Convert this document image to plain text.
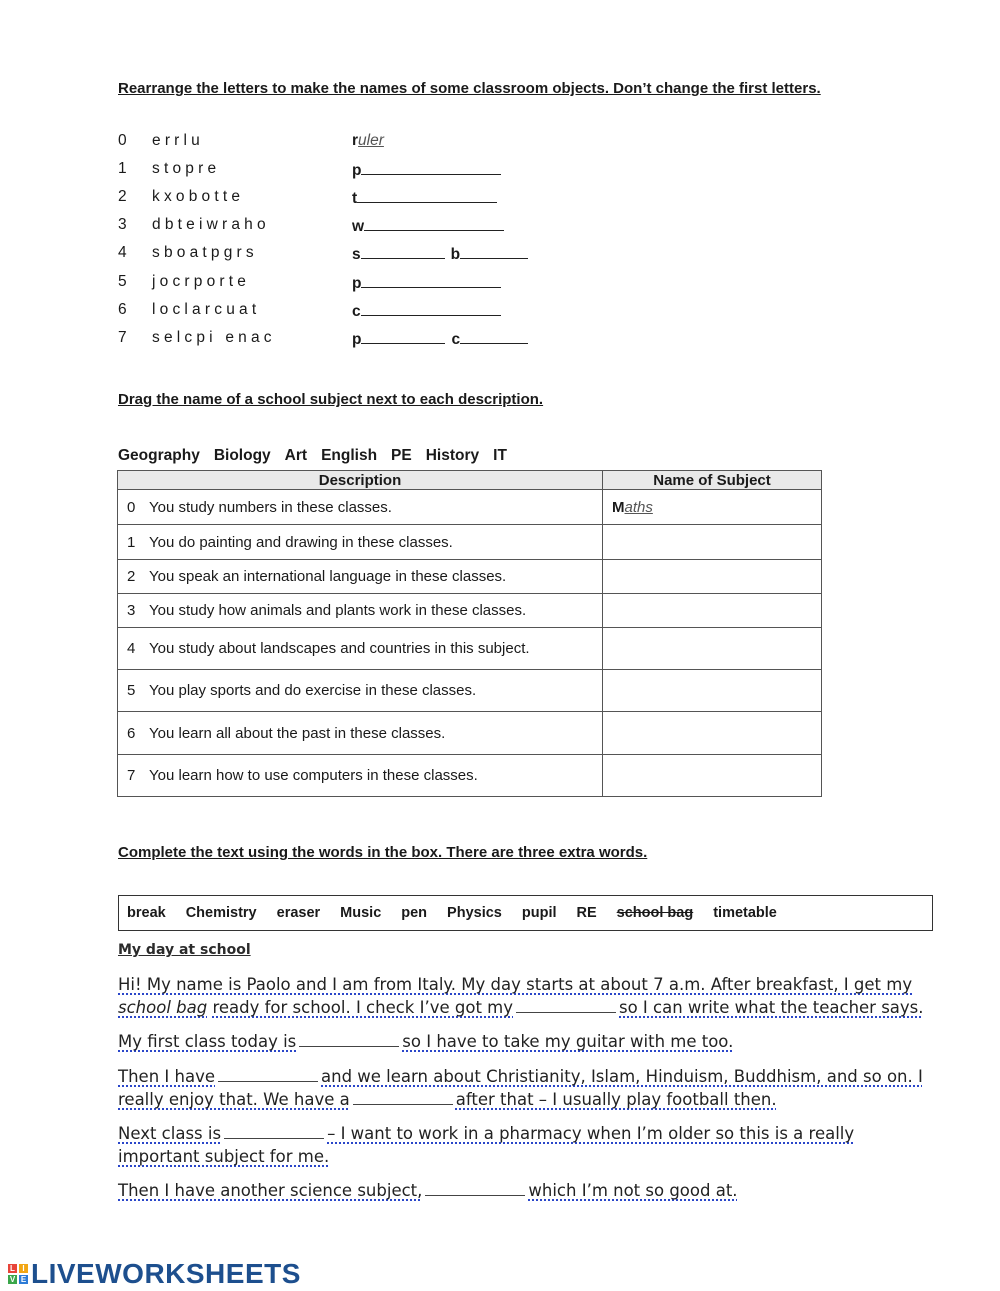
Rearrange the letters to make the names of some classroom objects. Don’t change the first letters.
0 errlu	ruler
1 stopre	p
2 kxobotte	t
3 dbteiwraho	w
4 sboatpgrs	s	b
5 jocrporte	p
6 loclarcuat	c
7 selcpi enac	p	c
Drag the name of a school subject next to each description.
Geography Biology Art English PE History IT
Description	Name of Subject
0 You study numbers in these classes.	Maths
1 You do painting and drawing in these classes.	
2 You speak an international language in these classes.	
3 You study how animals and plants work in these classes.	
4 You study about landscapes and countries in this subject.	
5 You play sports and do exercise in these classes.	
6 You learn all about the past in these classes.	
7 You learn how to use computers in these classes.	
Complete the text using the words in the box. There are three extra words.
break Chemistry eraser Music pen Physics pupil RE school bag timetable
My day at school
Hi! My name is Paolo and I am from Italy. My day starts at about 7 a.m. After breakfast, I get my school bag ready for school. I check I’ve got my	so I can write what the teacher says.
My first class today is	so I have to take my guitar with me too.
Then I have	and we learn about Christianity, Islam, Hinduism, Buddhism, and so on. I really enjoy that. We have a	after that – I usually play football then.
Next class is	– I want to work in a pharmacy when I’m older so this is a really important subject for me.
Then I have another science subject,	which I’m not so good at.
L I
V E LIVEWORKSHEETS
